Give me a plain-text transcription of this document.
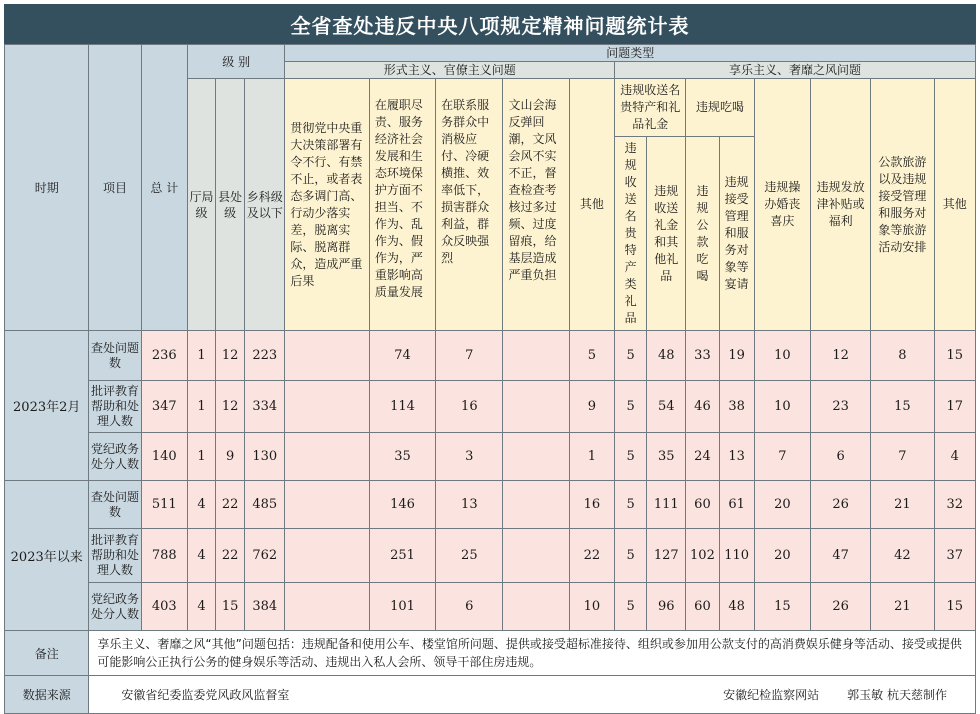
全省查处违反中央八项规定精神问题统计表
时期	项目	总 计	级 别			问题类型												
						形式主义、官僚主义问题					享乐主义、奢靡之风问题							
			厅局级	县处级	乡科级及以下	贯彻党中央重大决策部署有令不行、有禁不止，或者表态多调门高、行动少落实差，脱离实际、脱离群众，造成严重后果	在履职尽责、服务经济社会发展和生态环境保护方面不担当、不作为、乱作为、假作为，严重影响高质量发展	在联系服务群众中消极应付、冷硬横推、效率低下，损害群众利益，群众反映强烈	文山会海反弹回潮，文风会风不实不正，督查检查考核过多过频、过度留痕，给基层造成严重负担	其他	违规收送名贵特产和礼品礼金		违规吃喝		违规操办婚丧喜庆	违规发放津补贴或福利	公款旅游以及违规接受管理和服务对象等旅游活动安排	其他
											违规收送名贵特产类礼品	违规收送礼金和其他礼品	违规公款吃喝	违规接受管理和服务对象等宴请				

2023年2月	查处问题数	236	1	12	223		74	7		5	5	48	33	19	10	12	8	15
	批评教育帮助和处理人数	347	1	12	334		114	16		9	5	54	46	38	10	23	15	17
	党纪政务处分人数	140	1	9	130		35	3		1	5	35	24	13	7	6	7	4
2023年以来	查处问题数	511	4	22	485		146	13		16	5	111	60	61	20	26	21	32
	批评教育帮助和处理人数	788	4	22	762		251	25		22	5	127	102	110	20	47	42	37
	党纪政务处分人数	403	4	15	384		101	6		10	5	96	60	48	15	26	21	15
备注	享乐主义、奢靡之风“其他”问题包括：违规配备和使用公车、楼堂馆所问题、提供或接受超标准接待、组织或参加用公款支付的高消费娱乐健身等活动、接受或提供可能影响公正执行公务的健身娱乐等活动、违规出入私人会所、领导干部住房违规。																	
数据来源	安徽省纪委监委党风政风监督室 安徽纪检监察网站 郭玉敏 杭天慈制作																	
